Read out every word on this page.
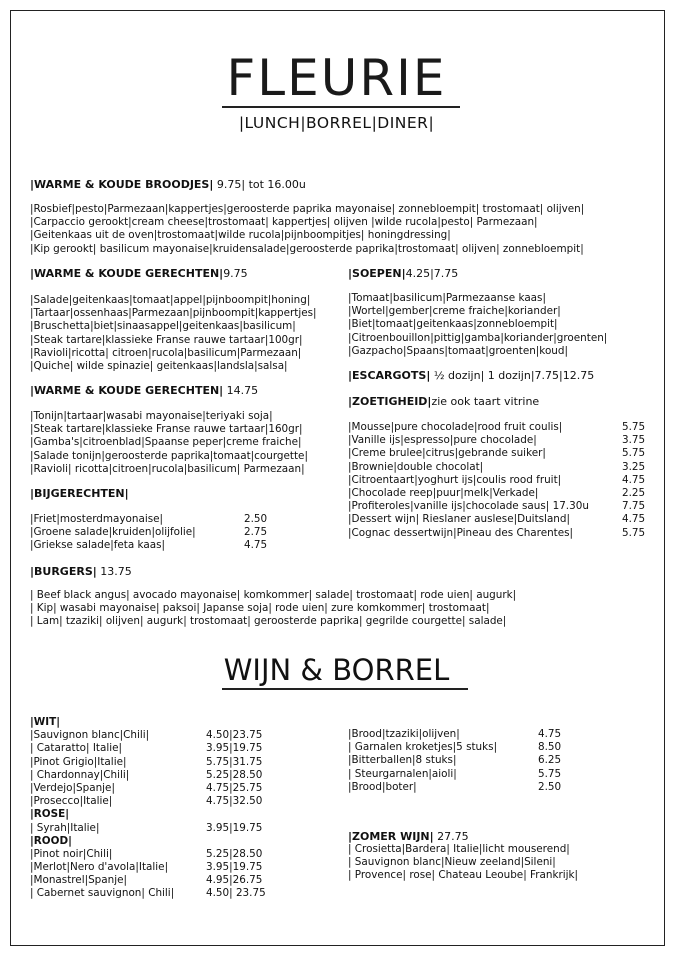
FLEURIE
|LUNCH|BORREL|DINER|
|WARME & KOUDE BROODJES| 9.75| tot 16.00u
|Rosbief|pesto|Parmezaan|kappertjes|geroosterde paprika mayonaise| zonnebloempit| trostomaat| olijven|
|Carpaccio gerookt|cream cheese|trostomaat| kappertjes| olijven |wilde rucola|pesto| Parmezaan|
|Geitenkaas uit de oven|trostomaat|wilde rucola|pijnboompitjes| honingdressing|
|Kip gerookt| basilicum mayonaise|kruidensalade|geroosterde paprika|trostomaat| olijven| zonnebloempit|
|WARME & KOUDE GERECHTEN|9.75
|Salade|geitenkaas|tomaat|appel|pijnboompit|honing|
|Tartaar|ossenhaas|Parmezaan|pijnboompit|kappertjes|
|Bruschetta|biet|sinaasappel|geitenkaas|basilicum|
|Steak tartare|klassieke Franse rauwe tartaar|100gr|
|Ravioli|ricotta| citroen|rucola|basilicum|Parmezaan|
|Quiche| wilde spinazie| geitenkaas|landsla|salsa|
|WARME & KOUDE GERECHTEN| 14.75
|Tonijn|tartaar|wasabi mayonaise|teriyaki soja|
|Steak tartare|klassieke Franse rauwe tartaar|160gr|
|Gamba's|citroenblad|Spaanse peper|creme fraiche|
|Salade tonijn|geroosterde paprika|tomaat|courgette|
|Ravioli| ricotta|citroen|rucola|basilicum| Parmezaan|
|BIJGERECHTEN|
|Friet|mosterdmayonaise|	2.50
|Groene salade|kruiden|olijfolie|	2.75
|Griekse salade|feta kaas|	4.75
|SOEPEN|4.25|7.75
|Tomaat|basilicum|Parmezaanse kaas|
|Wortel|gember|creme fraiche|koriander|
|Biet|tomaat|geitenkaas|zonnebloempit|
|Citroenbouillon|pittig|gamba|koriander|groenten|
|Gazpacho|Spaans|tomaat|groenten|koud|
|ESCARGOTS| ½ dozijn| 1 dozijn|7.75|12.75
|ZOETIGHEID|zie ook taart vitrine
|Mousse|pure chocolade|rood fruit coulis|	5.75
|Vanille ijs|espresso|pure chocolade|	3.75
|Creme brulee|citrus|gebrande suiker|	5.75
|Brownie|double chocolat|	3.25
|Citroentaart|yoghurt ijs|coulis rood fruit|	4.75
|Chocolade reep|puur|melk|Verkade|	2.25
|Profiteroles|vanille ijs|chocolade saus| 17.30u	7.75
|Dessert wijn| Rieslaner auslese|Duitsland|	4.75
|Cognac dessertwijn|Pineau des Charentes|	5.75
|BURGERS| 13.75
| Beef black angus| avocado mayonaise| komkommer| salade| trostomaat| rode uien| augurk|
| Kip| wasabi mayonaise| paksoi| Japanse soja| rode uien| zure komkommer| trostomaat|
| Lam| tzaziki| olijven| augurk| trostomaat| geroosterde paprika| gegrilde courgette| salade|
WIJN & BORREL
|WIT|
|Sauvignon blanc|Chili|	4.50|23.75
| Cataratto| Italie|	3.95|19.75
|Pinot Grigio|Italie|	5.75|31.75
| Chardonnay|Chili|	5.25|28.50
|Verdejo|Spanje|	4.75|25.75
|Prosecco|Italie|	4.75|32.50
|ROSE|
| Syrah|Italie|	3.95|19.75
|ROOD|
|Pinot noir|Chili|	5.25|28.50
|Merlot|Nero d'avola|Italie|	3.95|19.75
|Monastrel|Spanje|	4.95|26.75
| Cabernet sauvignon| Chili|	4.50| 23.75
|Brood|tzaziki|olijven|	4.75
| Garnalen kroketjes|5 stuks|	8.50
|Bitterballen|8 stuks|	6.25
| Steurgarnalen|aioli|	5.75
|Brood|boter|	2.50
|ZOMER WIJN| 27.75
| Crosietta|Bardera| Italie|licht mouserend|
| Sauvignon blanc|Nieuw zeeland|Sileni|
| Provence| rose| Chateau Leoube| Frankrijk|
